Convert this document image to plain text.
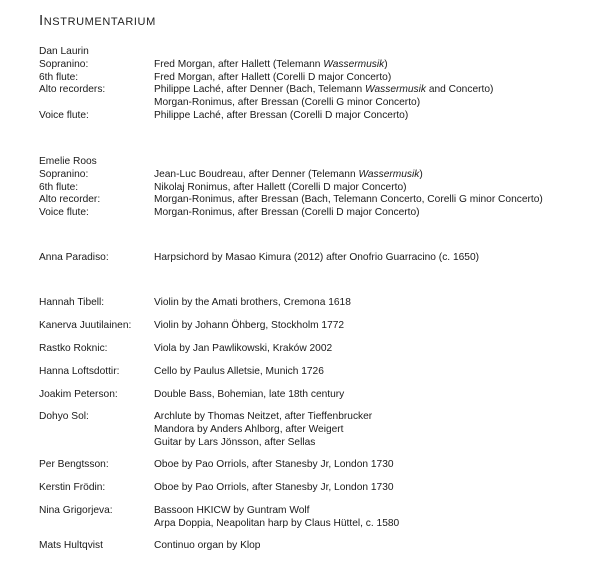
Instrumentarium
Dan Laurin
Sopranino:	Fred Morgan, after Hallett (Telemann Wassermusik)
6th flute:	Fred Morgan, after Hallett (Corelli D major Concerto)
Alto recorders:	Philippe Laché, after Denner (Bach, Telemann Wassermusik and Concerto)
Morgan-Ronimus, after Bressan (Corelli G minor Concerto)
Voice flute:	Philippe Laché, after Bressan (Corelli D major Concerto)
Emelie Roos
Sopranino:	Jean-Luc Boudreau, after Denner (Telemann Wassermusik)
6th flute:	Nikolaj Ronimus, after Hallett (Corelli D major Concerto)
Alto recorder:	Morgan-Ronimus, after Bressan (Bach, Telemann Concerto, Corelli G minor Concerto)
Voice flute:	Morgan-Ronimus, after Bressan (Corelli D major Concerto)
Anna Paradiso:	Harpsichord by Masao Kimura (2012) after Onofrio Guarracino (c. 1650)
Hannah Tibell:	Violin by the Amati brothers, Cremona 1618
Kanerva Juutilainen: Violin by Johann Öhberg, Stockholm 1772
Rastko Roknic:	Viola by Jan Pawlikowski, Kraków 2002
Hanna Loftsdottir:	Cello by Paulus Alletsie, Munich 1726
Joakim Peterson:	Double Bass, Bohemian, late 18th century
Dohyo Sol:	Archlute by Thomas Neitzet, after Tieffenbrucker
Mandora by Anders Ahlborg, after Weigert
Guitar by Lars Jönsson, after Sellas
Per Bengtsson:	Oboe by Pao Orriols, after Stanesby Jr, London 1730
Kerstin Frödin:	Oboe by Pao Orriols, after Stanesby Jr, London 1730
Nina Grigorjeva:	Bassoon HKICW by Guntram Wolf
Arpa Doppia, Neapolitan harp by Claus Hüttel, c. 1580
Mats Hultqvist	Continuo organ by Klop
